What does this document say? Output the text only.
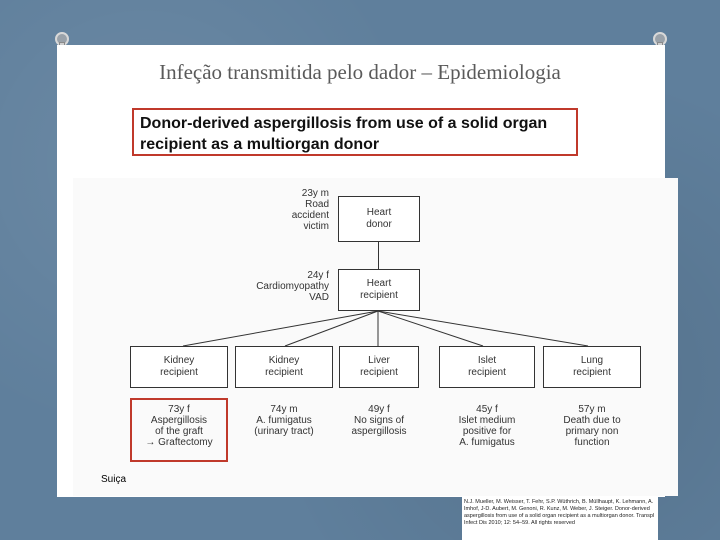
Infeção transmitida pelo dador – Epidemiologia
Donor-derived aspergillosis from use of a solid organ recipient as a multiorgan donor
23y m
Road
accident
victim
Heart
donor
24y f
Cardiomyopathy
VAD
Heart
recipient
Kidney
recipient
Kidney
recipient
Liver
recipient
Islet
recipient
Lung
recipient
73y f
Aspergillosis
of the graft
→ Graftectomy
74y m
A. fumigatus
(urinary tract)
49y f
No signs of
aspergillosis
45y f
Islet medium
positive for
A. fumigatus
57y m
Death due to
primary non
function
Suiça
N.J. Mueller, M. Weisser, T. Fehr, S.P. Wüthrich, B. Müllhaupt, K. Lehmann, A. Imhof, J-D. Aubert, M. Genoni, R. Kunz, M. Weber, J. Steiger. Donor-derived aspergillosis from use of a solid organ recipient as a multiorgan donor. Transpl Infect Dis 2010; 12: 54–59. All rights reserved
